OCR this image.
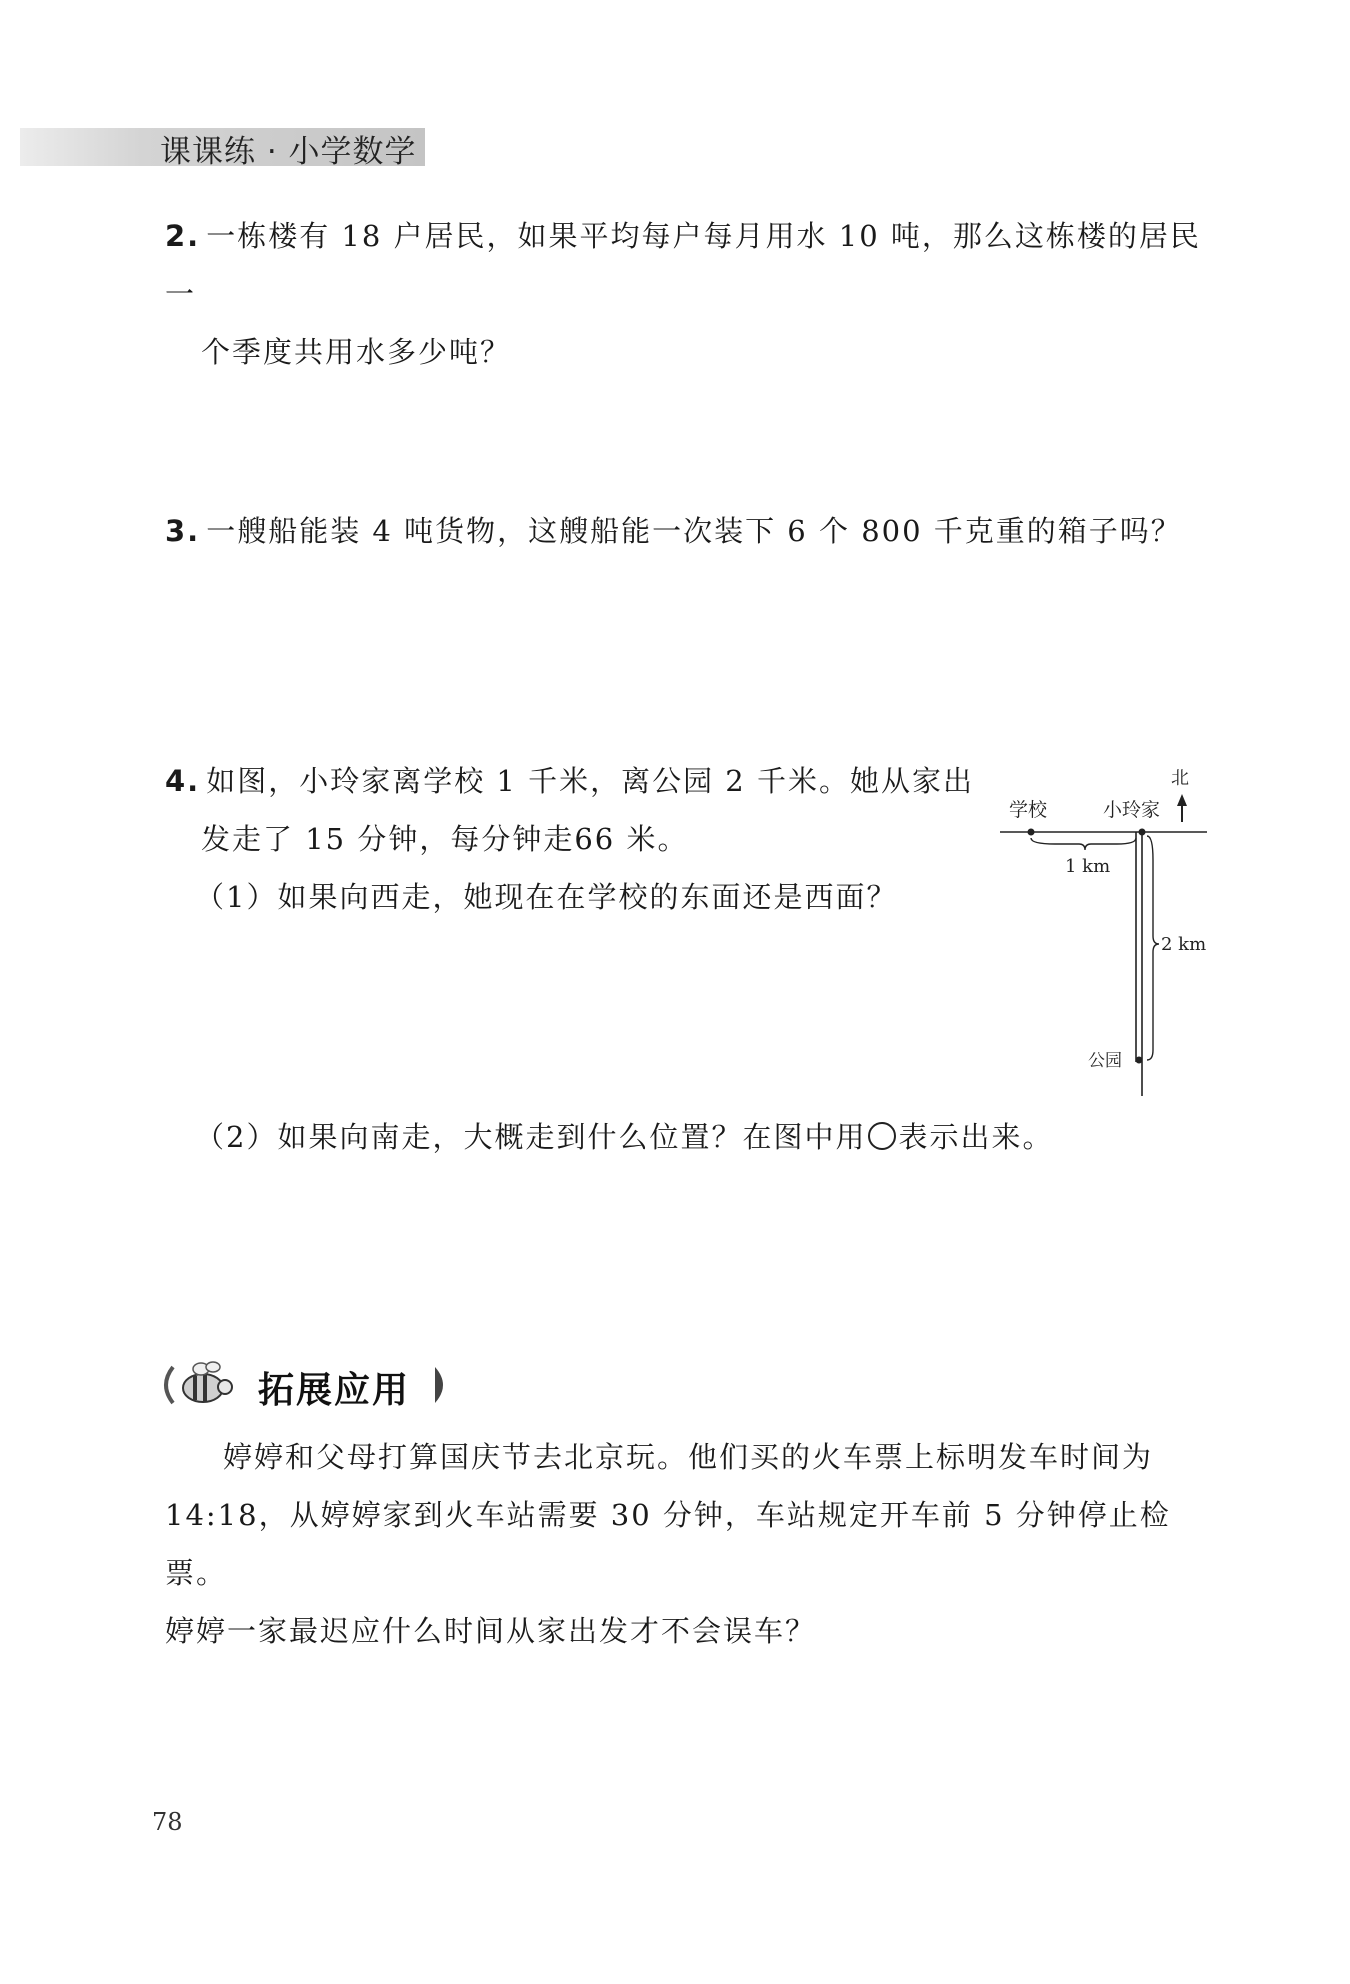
课课练 · 小学数学
2. 一栋楼有 18 户居民，如果平均每户每月用水 10 吨，那么这栋楼的居民一
个季度共用水多少吨？
3. 一艘船能装 4 吨货物，这艘船能一次装下 6 个 800 千克重的箱子吗？
4. 如图，小玲家离学校 1 千米，离公园 2 千米。她从家出
发走了 15 分钟，每分钟走66 米。
（1）如果向西走，她现在在学校的东面还是西面？
（2）如果向南走，大概走到什么位置？在图中用 表示出来。
北
学校	小玲家
1 km
2 km
公园
拓展应用
婷婷和父母打算国庆节去北京玩。他们买的火车票上标明发车时间为
14:18，从婷婷家到火车站需要 30 分钟，车站规定开车前 5 分钟停止检票。
婷婷一家最迟应什么时间从家出发才不会误车？
78
